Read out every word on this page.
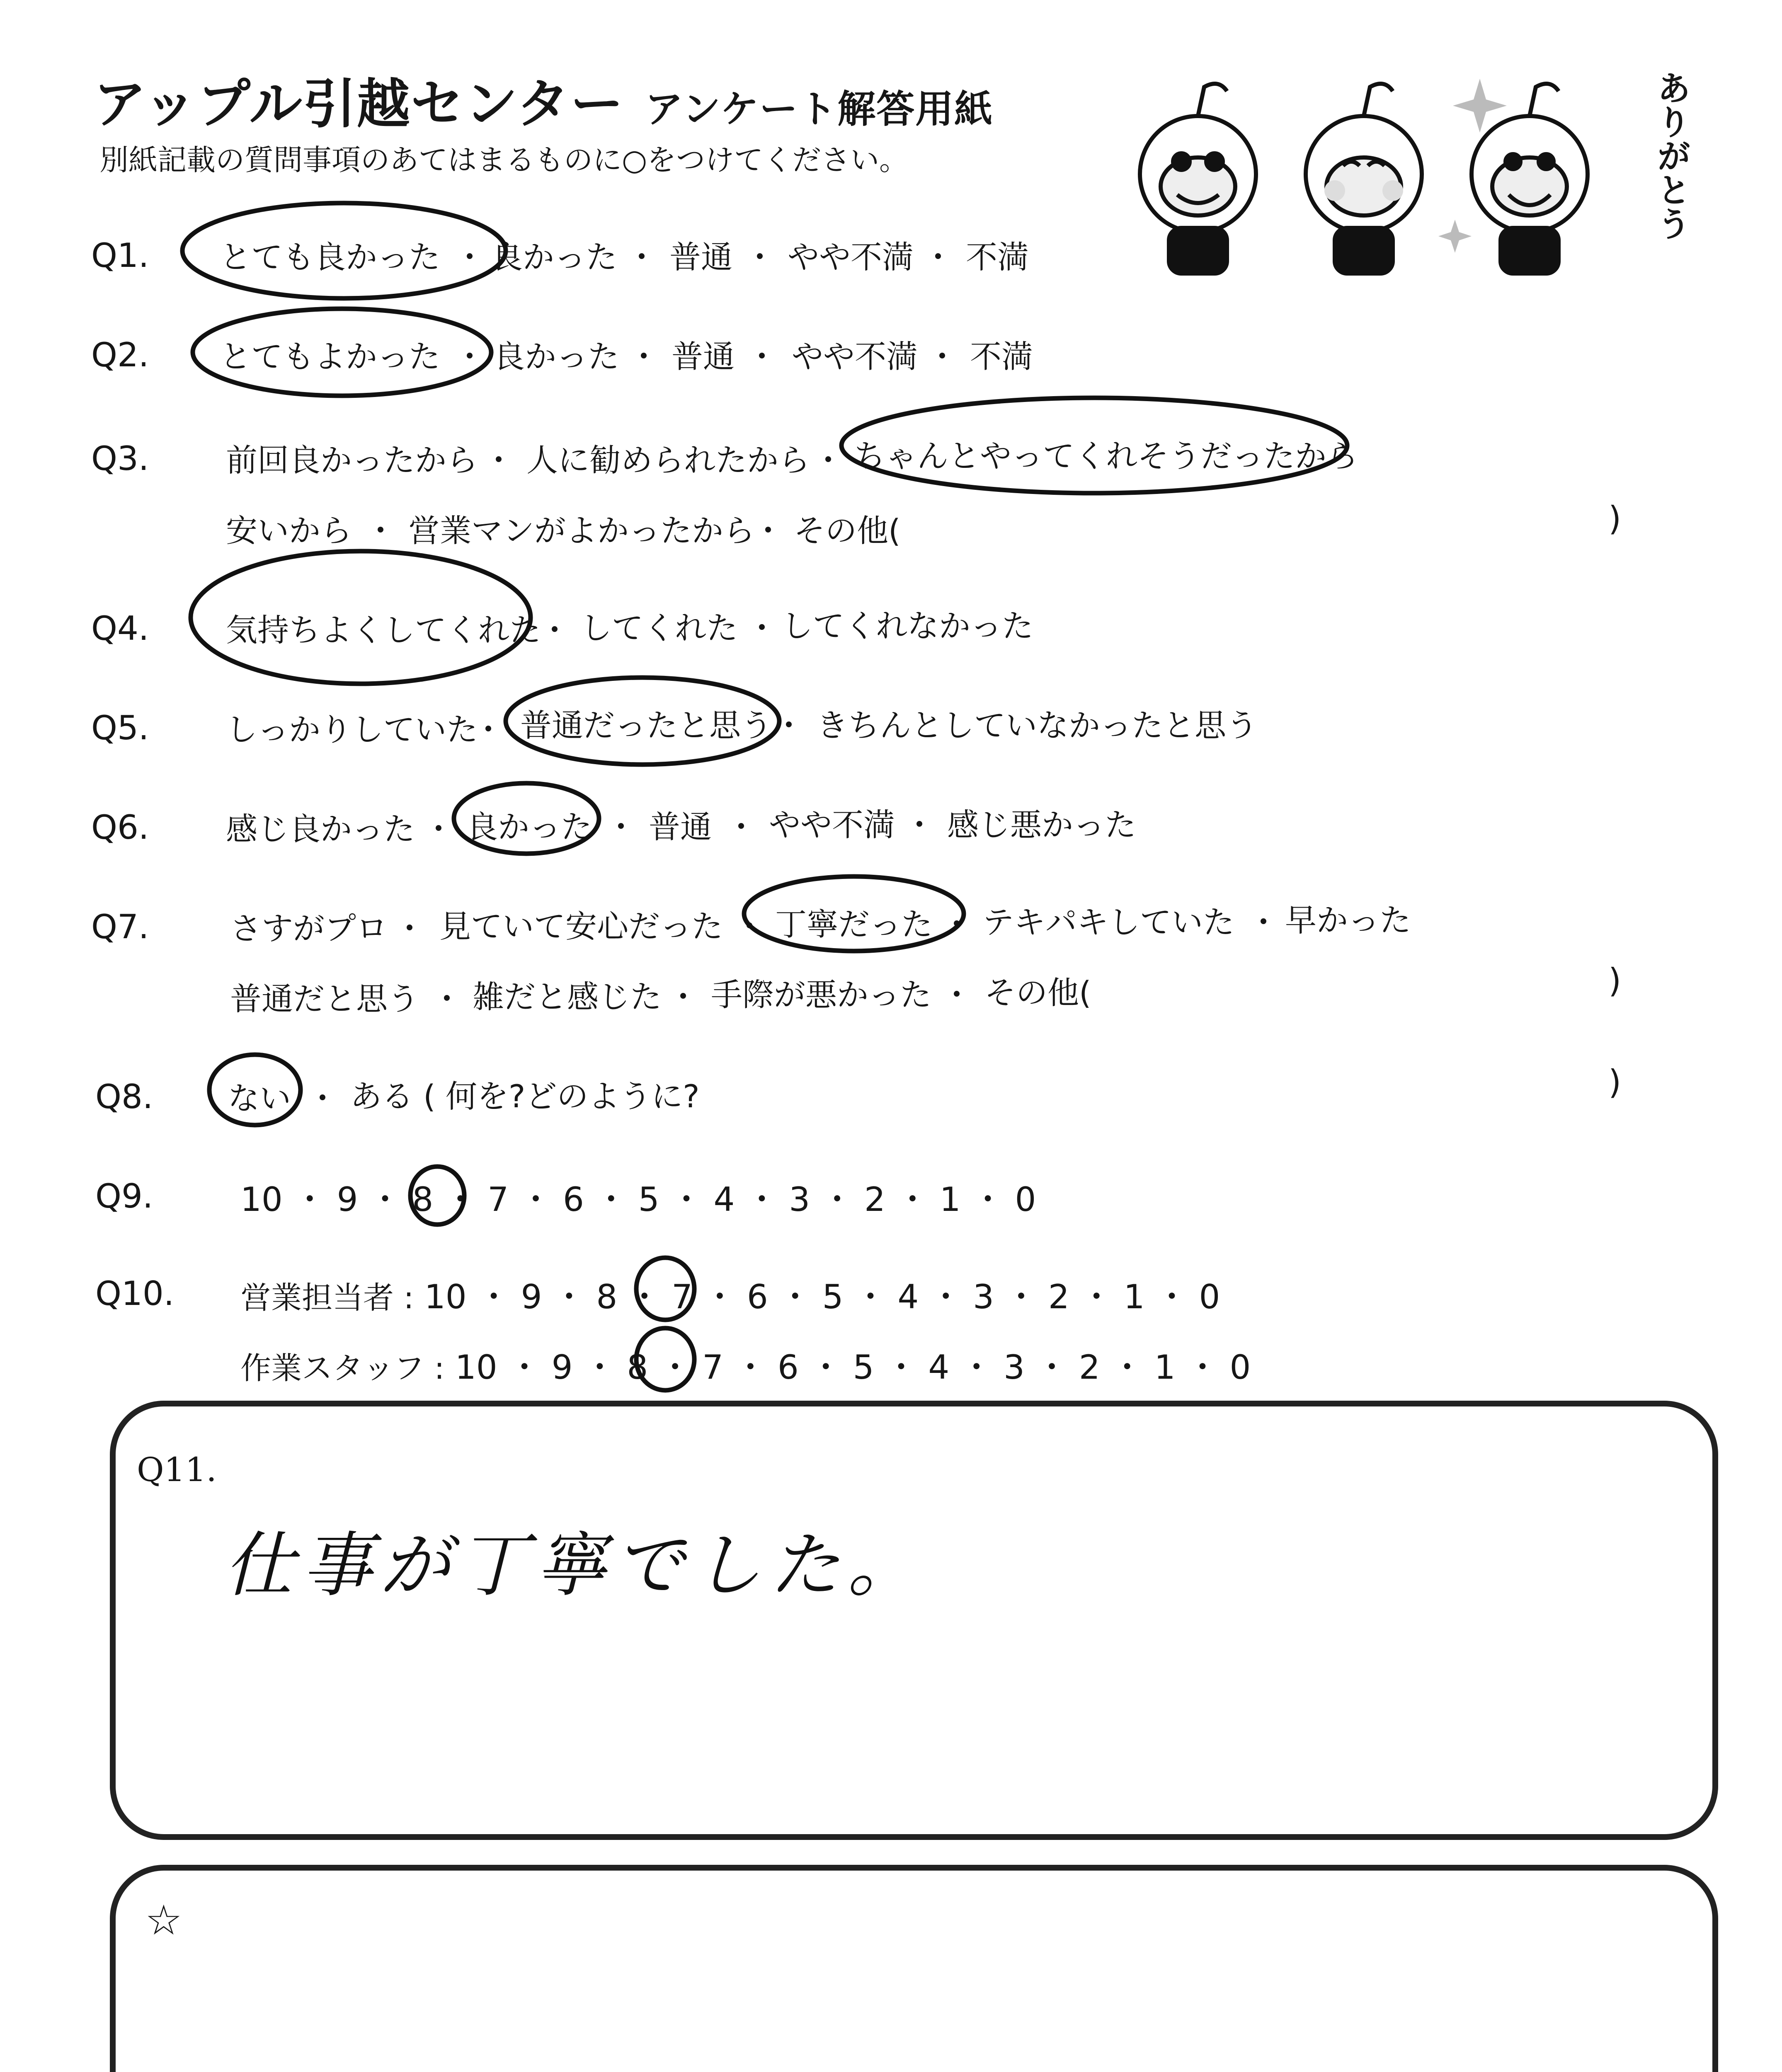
アップル引越センター アンケート解答用紙
別紙記載の質問事項のあてはまるものに○をつけてください。	ありがとう
Q1. とても良かった ・ 良かった ・ 普通 ・ やや不満 ・ 不満
Q2. とてもよかった ・ 良かった ・ 普通 ・ やや不満 ・ 不満
Q3. 前回良かったから ・ 人に勧められたから ・ ちゃんとやってくれそうだったから
安いから ・ 営業マンがよかったから
・ その他(	)
Q4. 気持ちよくしてくれた
・ してくれた ・ してくれなかった
Q5. しっかりしていた
・ 普通だったと思う ・ きちんとしていなかったと思う
Q6. 感じ良かった ・ 良かった ・ 普通 ・ やや不満 ・ 感じ悪かった
Q7.	さすがプロ ・ 見ていて安心だった ・ 丁寧だった ・ テキパキしていた ・ 早かった
普通だと思う ・ 雑だと感じた ・ 手際が悪かった ・ その他(	)
Q8. ない ・ ある ( 何を?どのように?	)
Q9.	10 ・ 9 ・ 8 ・ 7 ・ 6 ・ 5 ・ 4 ・ 3 ・ 2 ・ 1 ・ 0
Q10. 営業担当者 : 10 ・ 9 ・ 8 ・ 7 ・ 6 ・ 5 ・ 4 ・ 3 ・ 2 ・ 1 ・ 0
作業スタッフ : 10 ・ 9 ・ 8 ・ 7 ・ 6 ・ 5 ・ 4 ・ 3 ・ 2 ・ 1 ・ 0
Q11.
仕事が丁寧でした。
☆
